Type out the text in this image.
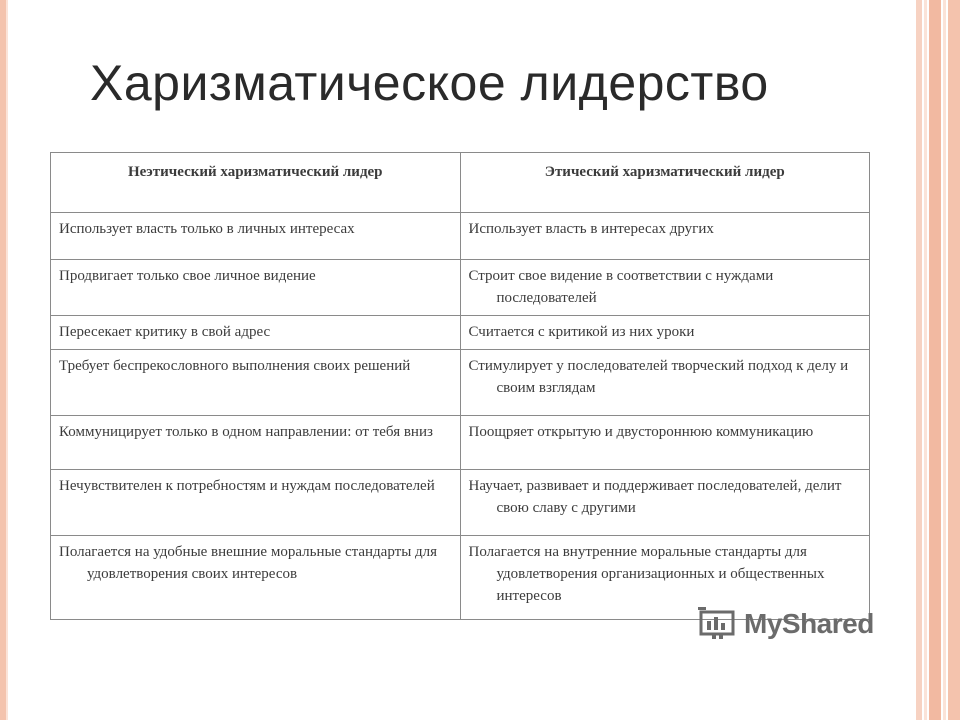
Харизматическое лидерство
Неэтический харизматический лидер	Этический харизматический лидер

Использует власть только в личных интересах	Использует власть в интересах других

Продвигает только свое личное видение	Строит свое видение в соответствии с нуждами последователей

Пересекает критику в свой адрес	Считается с критикой из них уроки

Требует беспрекословного выполнения своих решений	Стимулирует у последователей творческий подход к делу и своим взглядам

Коммуницирует только в одном направлении: от тебя вниз	Поощряет открытую и двустороннюю коммуникацию

Нечувствителен к потребностям и нуждам последователей	Научает, развивает и поддерживает последователей, делит свою славу с другими

Полагается на удобные внешние моральные стандарты для удовлетворения своих интересов	Полагается на внутренние моральные стандарты для удовлетворения организационных и общественных интересов
MyShared
